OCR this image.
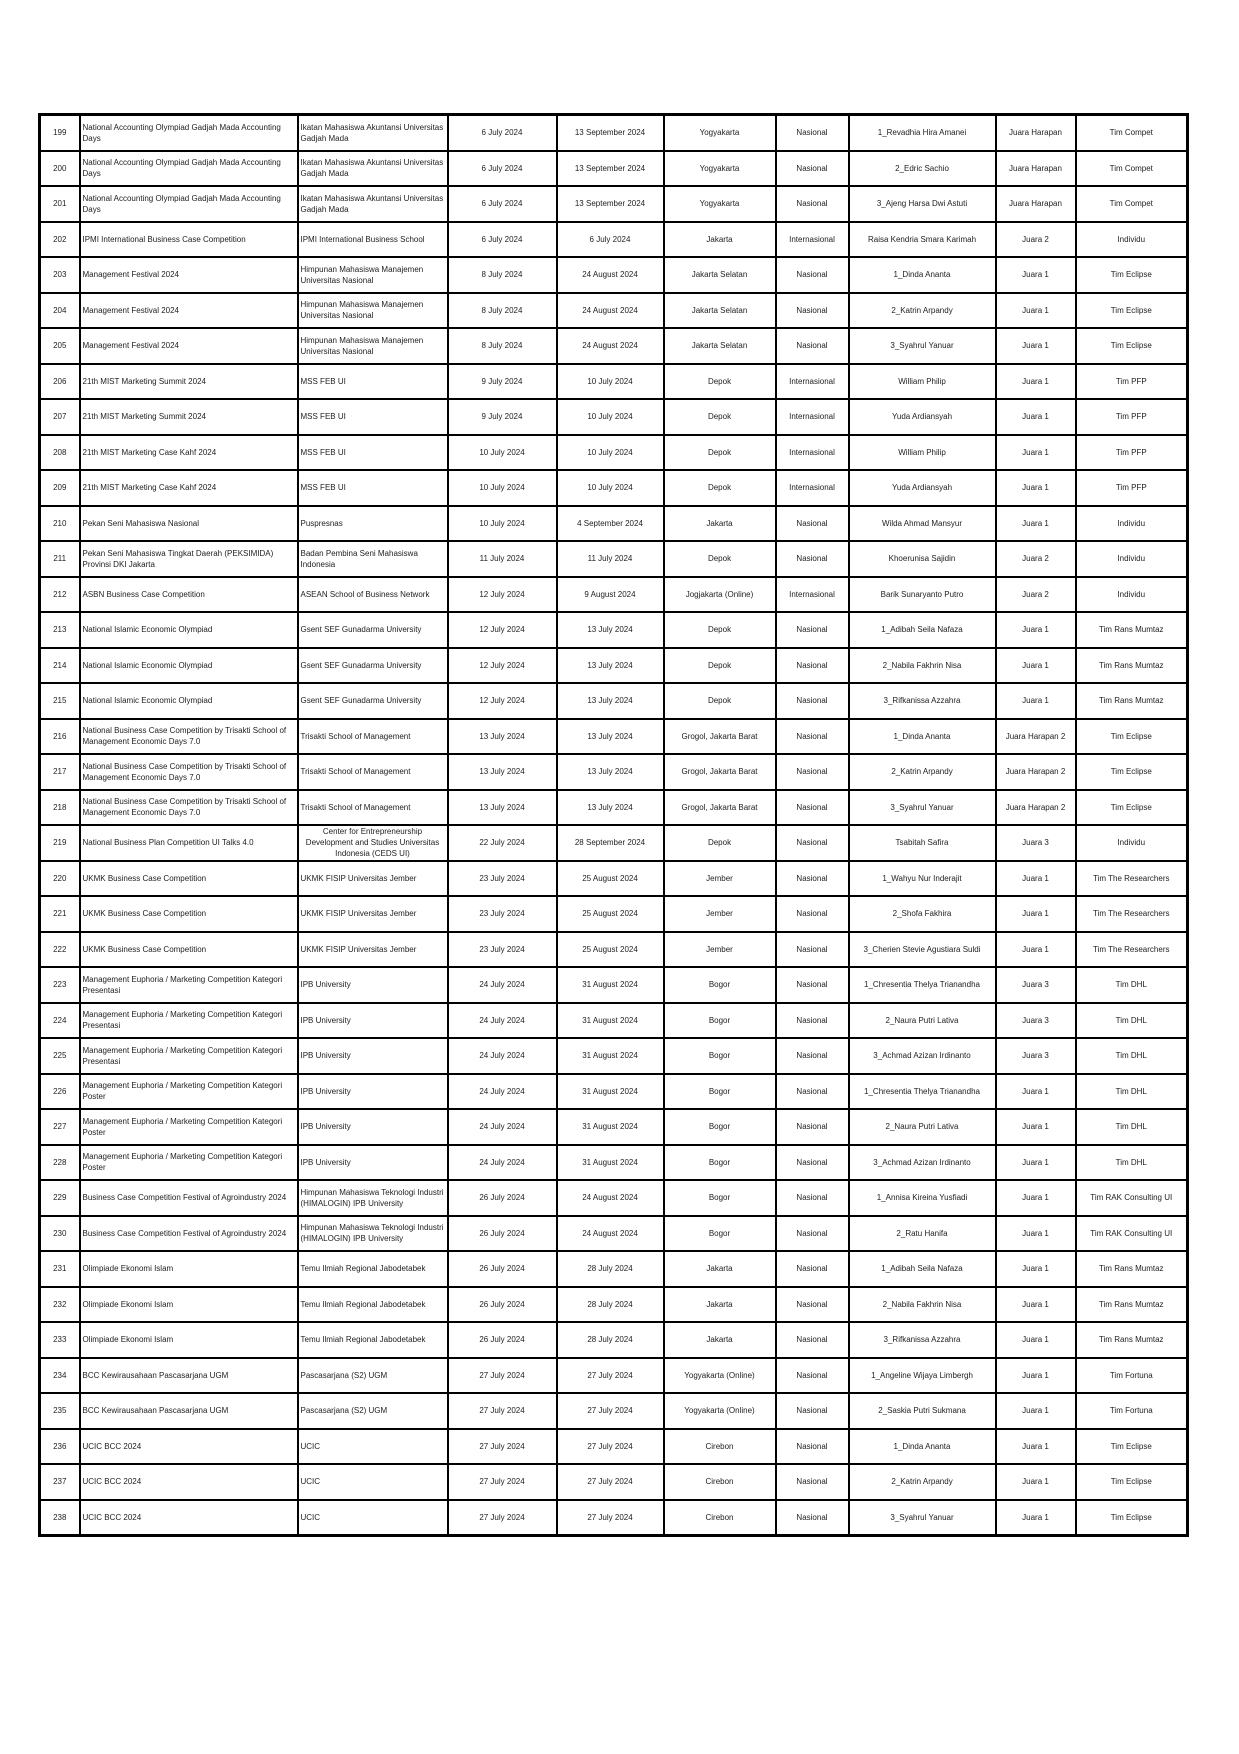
199	National Accounting Olympiad Gadjah Mada Accounting Days	Ikatan Mahasiswa Akuntansi Universitas Gadjah Mada	6 July 2024	13 September 2024	Yogyakarta	Nasional	1_Revadhia Hira Amanei	Juara Harapan	Tim Compet
200	National Accounting Olympiad Gadjah Mada Accounting Days	Ikatan Mahasiswa Akuntansi Universitas Gadjah Mada	6 July 2024	13 September 2024	Yogyakarta	Nasional	2_Edric Sachio	Juara Harapan	Tim Compet
201	National Accounting Olympiad Gadjah Mada Accounting Days	Ikatan Mahasiswa Akuntansi Universitas Gadjah Mada	6 July 2024	13 September 2024	Yogyakarta	Nasional	3_Ajeng Harsa Dwi Astuti	Juara Harapan	Tim Compet
202	IPMI International Business Case Competition	IPMI International Business School	6 July 2024	6 July 2024	Jakarta	Internasional	Raisa Kendria Smara Karimah	Juara 2	Individu
203	Management Festival 2024	Himpunan Mahasiswa Manajemen Universitas Nasional	8 July 2024	24 August 2024	Jakarta Selatan	Nasional	1_Dinda Ananta	Juara 1	Tim Eclipse
204	Management Festival 2024	Himpunan Mahasiswa Manajemen Universitas Nasional	8 July 2024	24 August 2024	Jakarta Selatan	Nasional	2_Katrin Arpandy	Juara 1	Tim Eclipse
205	Management Festival 2024	Himpunan Mahasiswa Manajemen Universitas Nasional	8 July 2024	24 August 2024	Jakarta Selatan	Nasional	3_Syahrul Yanuar	Juara 1	Tim Eclipse
206	21th MIST Marketing Summit 2024	MSS FEB UI	9 July 2024	10 July 2024	Depok	Internasional	William Philip	Juara 1	Tim PFP
207	21th MIST Marketing Summit 2024	MSS FEB UI	9 July 2024	10 July 2024	Depok	Internasional	Yuda Ardiansyah	Juara 1	Tim PFP
208	21th MIST Marketing Case Kahf 2024	MSS FEB UI	10 July 2024	10 July 2024	Depok	Internasional	William Philip	Juara 1	Tim PFP
209	21th MIST Marketing Case Kahf 2024	MSS FEB UI	10 July 2024	10 July 2024	Depok	Internasional	Yuda Ardiansyah	Juara 1	Tim PFP
210	Pekan Seni Mahasiswa Nasional	Puspresnas	10 July 2024	4 September 2024	Jakarta	Nasional	Wilda Ahmad Mansyur	Juara 1	Individu
211	Pekan Seni Mahasiswa Tingkat Daerah (PEKSIMIDA) Provinsi DKI Jakarta	Badan Pembina Seni Mahasiswa Indonesia	11 July 2024	11 July 2024	Depok	Nasional	Khoerunisa Sajidin	Juara 2	Individu
212	ASBN Business Case Competition	ASEAN School of Business Network	12 July 2024	9 August 2024	Jogjakarta (Online)	Internasional	Barik Sunaryanto Putro	Juara 2	Individu
213	National Islamic Economic Olympiad	Gsent SEF Gunadarma University	12 July 2024	13 July 2024	Depok	Nasional	1_Adibah Seila Nafaza	Juara 1	Tim Rans Mumtaz
214	National Islamic Economic Olympiad	Gsent SEF Gunadarma University	12 July 2024	13 July 2024	Depok	Nasional	2_Nabila Fakhrin Nisa	Juara 1	Tim Rans Mumtaz
215	National Islamic Economic Olympiad	Gsent SEF Gunadarma University	12 July 2024	13 July 2024	Depok	Nasional	3_Rifkanissa Azzahra	Juara 1	Tim Rans Mumtaz
216	National Business Case Competition by Trisakti School of Management Economic Days 7.0	Trisakti School of Management	13 July 2024	13 July 2024	Grogol, Jakarta Barat	Nasional	1_Dinda Ananta	Juara Harapan 2	Tim Eclipse
217	National Business Case Competition by Trisakti School of Management Economic Days 7.0	Trisakti School of Management	13 July 2024	13 July 2024	Grogol, Jakarta Barat	Nasional	2_Katrin Arpandy	Juara Harapan 2	Tim Eclipse
218	National Business Case Competition by Trisakti School of Management Economic Days 7.0	Trisakti School of Management	13 July 2024	13 July 2024	Grogol, Jakarta Barat	Nasional	3_Syahrul Yanuar	Juara Harapan 2	Tim Eclipse
219	National Business Plan Competition UI Talks 4.0	Center for Entrepreneurship Development and Studies Universitas Indonesia (CEDS UI)	22 July 2024	28 September 2024	Depok	Nasional	Tsabitah Safira	Juara 3	Individu
220	UKMK Business Case Competition	UKMK FISIP Universitas Jember	23 July 2024	25 August 2024	Jember	Nasional	1_Wahyu Nur Inderajit	Juara 1	Tim The Researchers
221	UKMK Business Case Competition	UKMK FISIP Universitas Jember	23 July 2024	25 August 2024	Jember	Nasional	2_Shofa Fakhira	Juara 1	Tim The Researchers
222	UKMK Business Case Competition	UKMK FISIP Universitas Jember	23 July 2024	25 August 2024	Jember	Nasional	3_Cherien Stevie Agustiara Suldi	Juara 1	Tim The Researchers
223	Management Euphoria / Marketing Competition Kategori Presentasi	IPB University	24 July 2024	31 August 2024	Bogor	Nasional	1_Chresentia Thelya Trianandha	Juara 3	Tim DHL
224	Management Euphoria / Marketing Competition Kategori Presentasi	IPB University	24 July 2024	31 August 2024	Bogor	Nasional	2_Naura Putri Lativa	Juara 3	Tim DHL
225	Management Euphoria / Marketing Competition Kategori Presentasi	IPB University	24 July 2024	31 August 2024	Bogor	Nasional	3_Achmad Azizan Irdinanto	Juara 3	Tim DHL
226	Management Euphoria / Marketing Competition Kategori Poster	IPB University	24 July 2024	31 August 2024	Bogor	Nasional	1_Chresentia Thelya Trianandha	Juara 1	Tim DHL
227	Management Euphoria / Marketing Competition Kategori Poster	IPB University	24 July 2024	31 August 2024	Bogor	Nasional	2_Naura Putri Lativa	Juara 1	Tim DHL
228	Management Euphoria / Marketing Competition Kategori Poster	IPB University	24 July 2024	31 August 2024	Bogor	Nasional	3_Achmad Azizan Irdinanto	Juara 1	Tim DHL
229	Business Case Competition Festival of Agroindustry 2024	Himpunan Mahasiswa Teknologi Industri (HIMALOGIN) IPB University	26 July 2024	24 August 2024	Bogor	Nasional	1_Annisa Kireina Yusfiadi	Juara 1	Tim RAK Consulting UI
230	Business Case Competition Festival of Agroindustry 2024	Himpunan Mahasiswa Teknologi Industri (HIMALOGIN) IPB University	26 July 2024	24 August 2024	Bogor	Nasional	2_Ratu Hanifa	Juara 1	Tim RAK Consulting UI
231	Olimpiade Ekonomi Islam	Temu Ilmiah Regional Jabodetabek	26 July 2024	28 July 2024	Jakarta	Nasional	1_Adibah Seila Nafaza	Juara 1	Tim Rans Mumtaz
232	Olimpiade Ekonomi Islam	Temu Ilmiah Regional Jabodetabek	26 July 2024	28 July 2024	Jakarta	Nasional	2_Nabila Fakhrin Nisa	Juara 1	Tim Rans Mumtaz
233	Olimpiade Ekonomi Islam	Temu Ilmiah Regional Jabodetabek	26 July 2024	28 July 2024	Jakarta	Nasional	3_Rifkanissa Azzahra	Juara 1	Tim Rans Mumtaz
234	BCC Kewirausahaan Pascasarjana UGM	Pascasarjana (S2) UGM	27 July 2024	27 July 2024	Yogyakarta (Online)	Nasional	1_Angeline Wijaya Limbergh	Juara 1	Tim Fortuna
235	BCC Kewirausahaan Pascasarjana UGM	Pascasarjana (S2) UGM	27 July 2024	27 July 2024	Yogyakarta (Online)	Nasional	2_Saskia Putri Sukmana	Juara 1	Tim Fortuna
236	UCIC BCC 2024	UCIC	27 July 2024	27 July 2024	Cirebon	Nasional	1_Dinda Ananta	Juara 1	Tim Eclipse
237	UCIC BCC 2024	UCIC	27 July 2024	27 July 2024	Cirebon	Nasional	2_Katrin Arpandy	Juara 1	Tim Eclipse
238	UCIC BCC 2024	UCIC	27 July 2024	27 July 2024	Cirebon	Nasional	3_Syahrul Yanuar	Juara 1	Tim Eclipse
